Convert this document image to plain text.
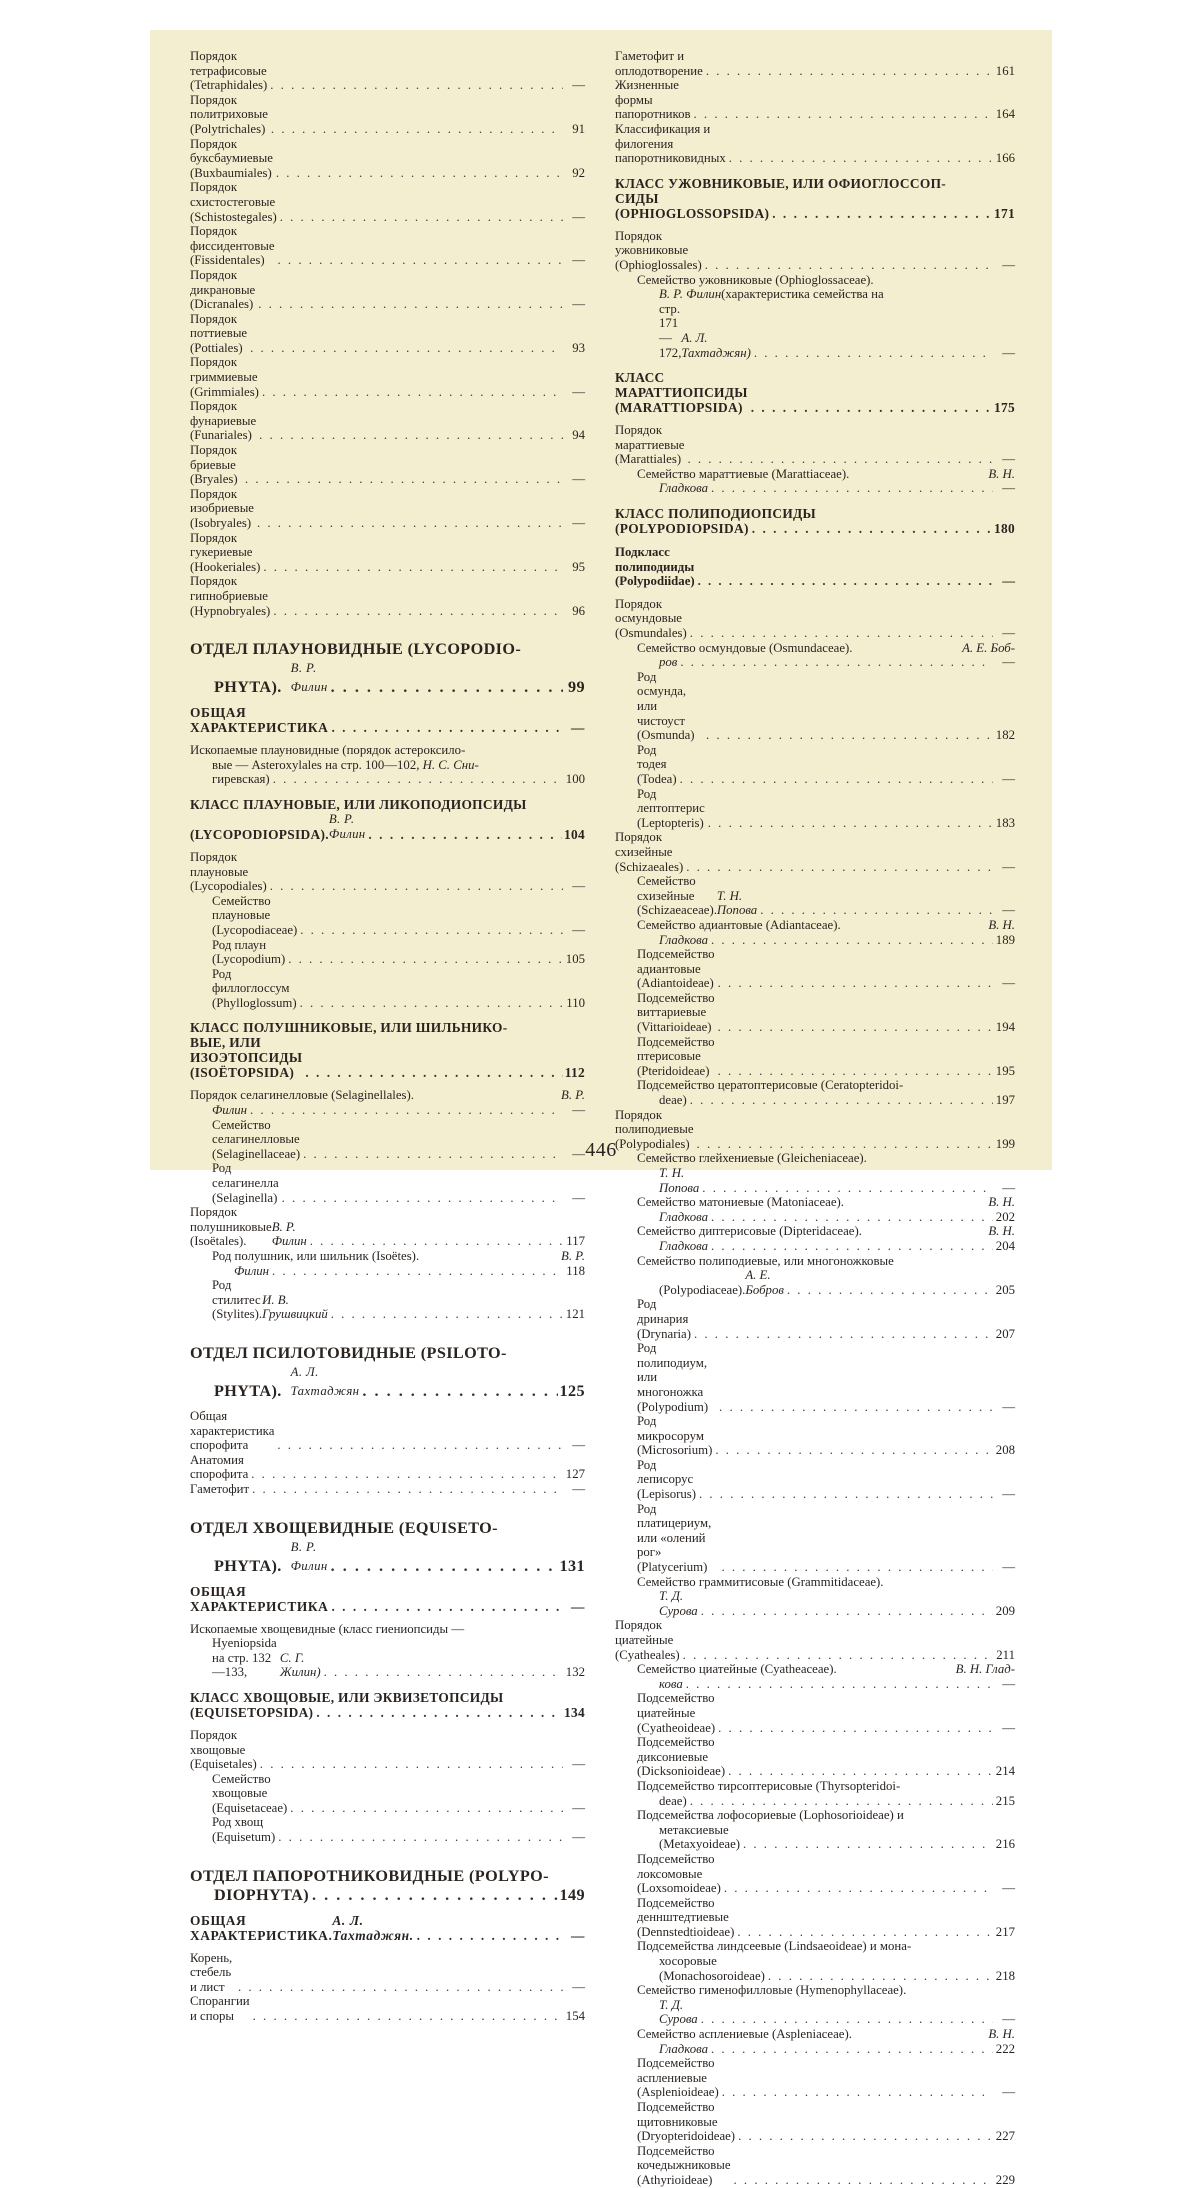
Порядок тетрафисовые (Tetraphidales) . . .	—
Порядок политриховые (Polytrichales) . . .	91
Порядок буксбаумиевые (Buxbaumiales) . . .	92
Порядок схистостеговые (Schistostegales) . . .	—
Порядок фиссидентовые (Fissidentales) . . .	—
Порядок дикрановые (Dicranales) . . .	—
Порядок поттиевые (Pottiales) . . .	93
Порядок гриммиевые (Grimmiales) . . .	—
Порядок фунариевые (Funariales) . . .	94
Порядок бриевые (Bryales) . . .	—
Порядок изобриевые (Isobryales) . . .	—
Порядок гукериевые (Hookeriales) . . .	95
Порядок гипнобриевые (Hypnobryales) . . .	96
ОТДЕЛ ПЛАУНОВИДНЫЕ (LYCOPODIO-
PHYTA).

В. Р. Филин . . .	99
ОБЩАЯ ХАРАКТЕРИСТИКА . . .	—
Ископаемые плауновидные (порядок астероксило-
вые — Asteroxylales на стр. 100—102,
Н. С. Сни-
гиревская) . . .	100
КЛАСС ПЛАУНОВЫЕ, ИЛИ ЛИКОПОДИОПСИДЫ
(LYCOPODIOPSIDA).
В. Р. Филин . . .	104
Порядок плауновые (Lycopodiales) . . .	—
Семейство плауновые (Lycopodiaceae) . . .	—
Род плаун (Lycopodium) . . .	105
Род филлоглоссум (Phylloglossum) . . .	110
КЛАСС ПОЛУШНИКОВЫЕ, ИЛИ ШИЛЬНИКО-
ВЫЕ, ИЛИ ИЗОЭТОПСИДЫ (ISOËTOPSIDA) . . .	112
Порядок селагинелловые (Selaginellales).	В. Р.
Филин . . .	—
Семейство селагинелловые (Selaginellaceae) . . .	—
Род селагинелла (Selaginella) . . .	—
Порядок полушниковые (Isoëtales).
В. Р. Филин . . .	117
Род полушник, или шильник (Isoëtes).	В. Р.
Филин . . .	118
Род стилитес (Stylites).
И. В. Грушвицкий . . .	121
ОТДЕЛ ПСИЛОТОВИДНЫЕ (PSILOTO-
PHYTA).

А. Л. Тахтаджян . . .	125
Общая характеристика спорофита . . .	—
Анатомия спорофита . . .	127
Гаметофит . . .	—
ОТДЕЛ ХВОЩЕВИДНЫЕ (EQUISETO-
PHYTA).

В. Р. Филин . . .	131
ОБЩАЯ ХАРАКТЕРИСТИКА . . .	—
Ископаемые хвощевидные (класс гиениопсиды —
Hyeniopsida на стр. 132—133,

С. Г. Жилин) . . .	132
КЛАСС ХВОЩОВЫЕ, ИЛИ ЭКВИЗЕТОПСИДЫ
(EQUISETOPSIDA) . . .	134
Порядок хвощовые (Equisetales) . . .	—
Семейство хвощовые (Equisetaceae) . . .	—
Род хвощ (Equisetum) . . .	—
ОТДЕЛ ПАПОРОТНИКОВИДНЫЕ (POLYPO-
DIOPHYTA) . . .	149
ОБЩАЯ ХАРАКТЕРИСТИКА.
А. Л. Тахтаджян. . . .	—
Корень, стебель и лист . . .	—
Спорангии и споры . . .	154
Гаметофит и оплодотворение . . .	161
Жизненные формы папоротников . . .	164
Классификация и филогения папоротниковидных . . .	166
КЛАСС УЖОВНИКОВЫЕ, ИЛИ ОФИОГЛОССОП-
СИДЫ (OPHIOGLOSSOPSIDA) . . .	171
Порядок ужовниковые (Ophioglossales) . . .	—
Семейство ужовниковые (Ophioglossaceae).
В. Р. Филин (характеристика семейства на
стр. 171—172,
А. Л. Тахтаджян) . . .	—
КЛАСС МАРАТТИОПСИДЫ (MARATTIOPSIDA) . . .	175
Порядок мараттиевые (Marattiales) . . .	—
Семейство мараттиевые (Marattiaceae).	В. Н.
Гладкова . . .	—
КЛАСС ПОЛИПОДИОПСИДЫ
(POLYPODIOPSIDA) . . .	180
Подкласс полиподииды (Polypodiidae) . . .	—
Порядок осмундовые (Osmundales) . . .	—
Семейство осмундовые (Osmundaceae).	А. Е. Боб-
ров . . .	—
Род осмунда, или чистоуст (Osmunda) . . .	182
Род тодея (Todea) . . .	—
Род лептоптерис (Leptopteris) . . .	183
Порядок схизейные (Schizaeales) . . .	—
Семейство схизейные (Schizaeaceae).
Т. Н. Попова . . .	—
Семейство адиантовые (Adiantaceae).	В. Н.
Гладкова . . .	189
Подсемейство адиантовые (Adiantoideae) . . .	—
Подсемейство виттариевые (Vittarioideae) . . .	194
Подсемейство птерисовые (Pteridoideae) . . .	195
Подсемейство цератоптерисовые (Ceratopteridoi-
deae) . . .	197
Порядок полиподиевые (Polypodiales) . . .	199
Семейство глейхениевые (Gleicheniaceae).
Т. Н. Попова . . .	—
Семейство матониевые (Matoniaceae).	В. Н.
Гладкова . . .	202
Семейство диптерисовые (Dipteridaceae).	В. Н.
Гладкова . . .	204
Семейство полиподиевые, или многоножковые
(Polypodiaceae).
А. Е. Бобров . . .	205
Род дринария (Drynaria) . . .	207
Род полиподиум, или многоножка (Polypodium) . . .	—
Род микросорум (Microsorium) . . .	208
Род леписорус (Lepisorus) . . .	—
Род платицериум, или «олений рог» (Platycerium) . . .	—
Семейство граммитисовые (Grammitidaceae).
Т. Д. Сурова . . .	209
Порядок циатейные (Cyatheales) . . .	211
Семейство циатейные (Cyatheaceae).	В. Н. Глад-
кова . . .	—
Подсемейство циатейные (Cyatheoideae) . . .	—
Подсемейство диксониевые (Dicksonioideae) . . .	214
Подсемейство тирсоптерисовые (Thyrsopteridoi-
deae) . . .	215
Подсемейства лофосориевые (Lophosorioideae) и
метаксиевые (Metaxyoideae) . . .	216
Подсемейство локсомовые (Loxsomoideae) . . .	—
Подсемейство деннштедтиевые (Dennstedtioideae) . . .	217
Подсемейства линдсеевые (Lindsaeoideae) и мона-
хосоровые (Monachosoroideae) . . .	218
Семейство гименофилловые (Hymenophyllaceae).
Т. Д. Сурова . . .	—
Семейство асплениевые (Aspleniaceae).	В. Н.
Гладкова . . .	222
Подсемейство асплениевые (Asplenioideae) . . .	—
Подсемейство щитовниковые (Dryopteridoideae) . . .	227
Подсемейство кочедыжниковые (Athyrioideae) . . .	229
446
